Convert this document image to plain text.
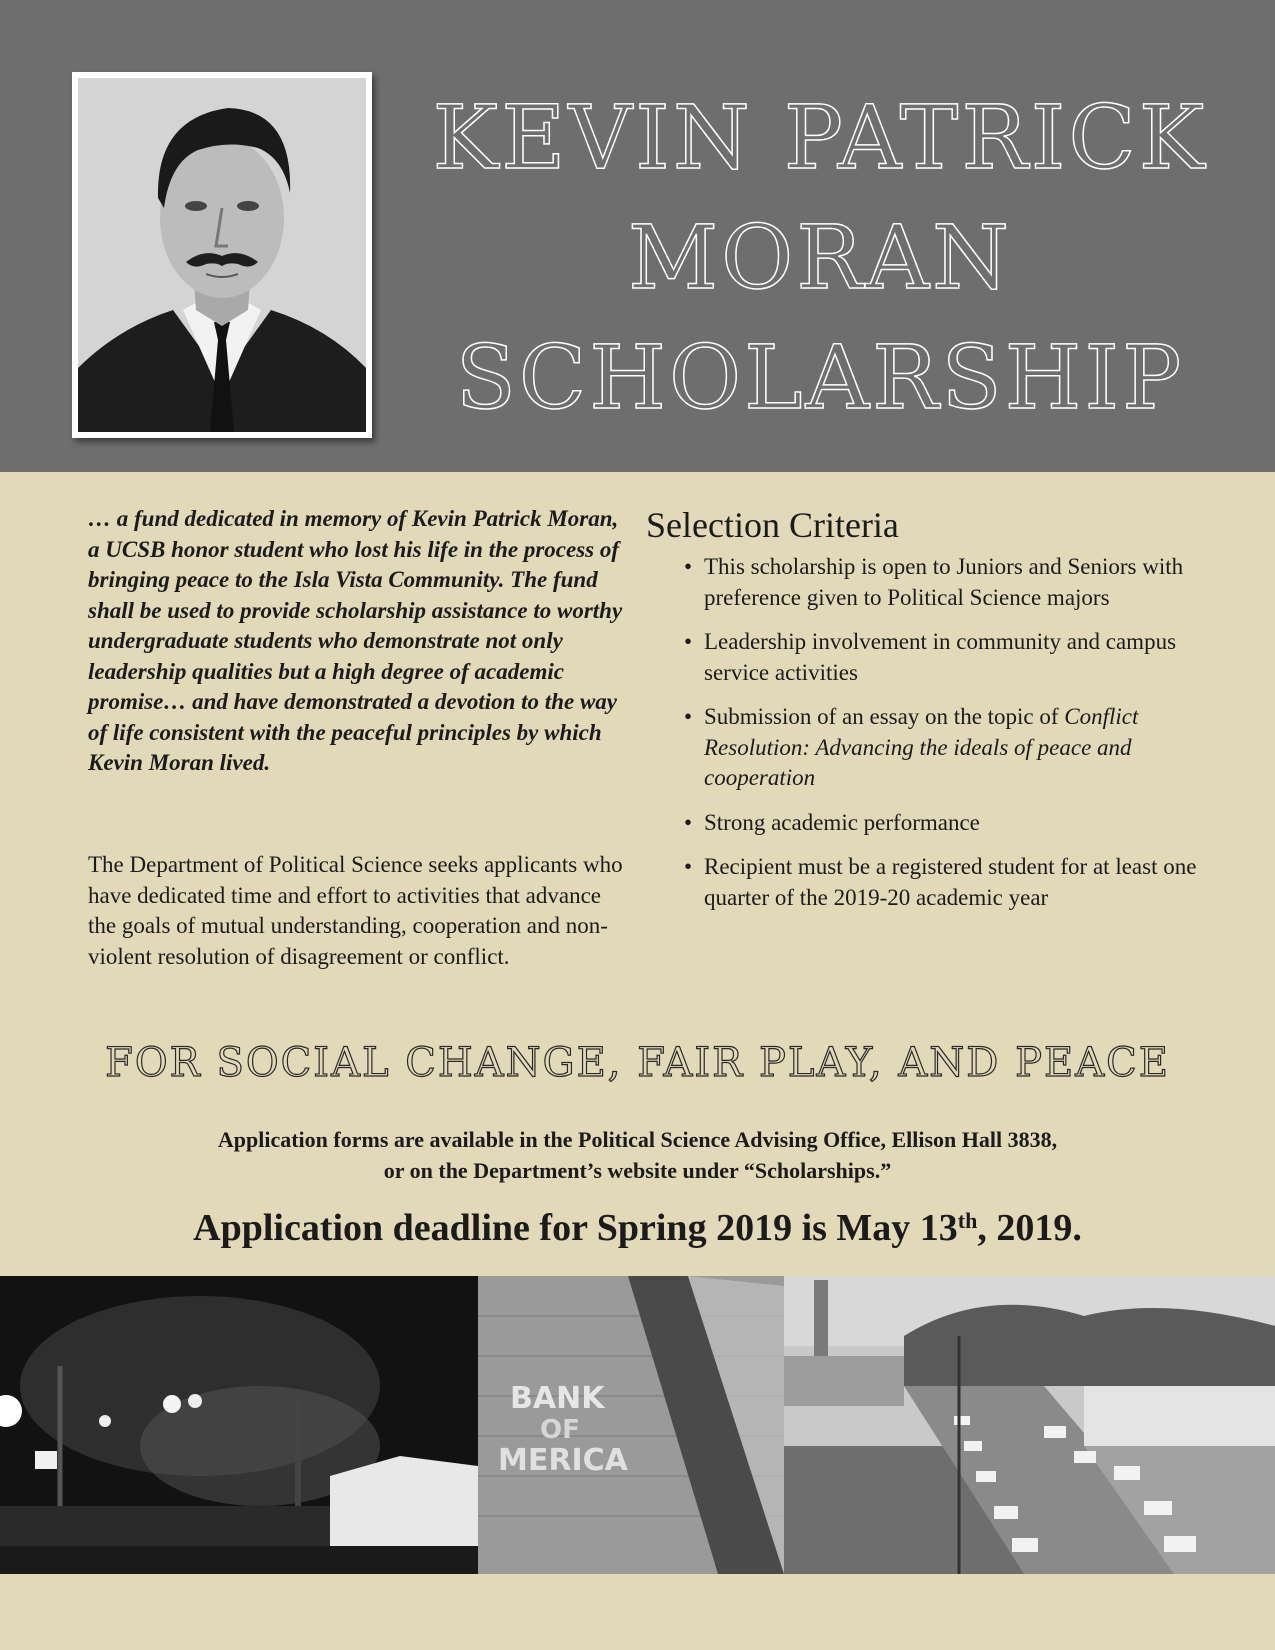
KEVIN PATRICK
MORAN
SCHOLARSHIP
… a fund dedicated in memory of Kevin Patrick Moran, a UCSB honor student who lost his life in the process of bringing peace to the Isla Vista Community. The fund shall be used to provide scholarship assistance to worthy undergraduate students who demonstrate not only leadership qualities but a high degree of academic promise… and have demonstrated a devotion to the way of life consistent with the peaceful principles by which Kevin Moran lived.
The Department of Political Science seeks applicants who have dedicated time and effort to activities that advance the goals of mutual understanding, cooperation and non-violent resolution of disagreement or conflict.
Selection Criteria
• This scholarship is open to Juniors and Seniors with preference given to Political Science majors
• Leadership involvement in community and campus service activities
• Submission of an essay on the topic of Conflict Resolution: Advancing the ideals of peace and cooperation
• Strong academic performance
• Recipient must be a registered student for at least one quarter of the 2019-20 academic year
FOR SOCIAL CHANGE, FAIR PLAY, AND PEACE
Application forms are available in the Political Science Advising Office, Ellison Hall 3838,
or on the Department’s website under “Scholarships.”
Application deadline for Spring 2019 is May 13th, 2019.
BANK
OF
MERICA
